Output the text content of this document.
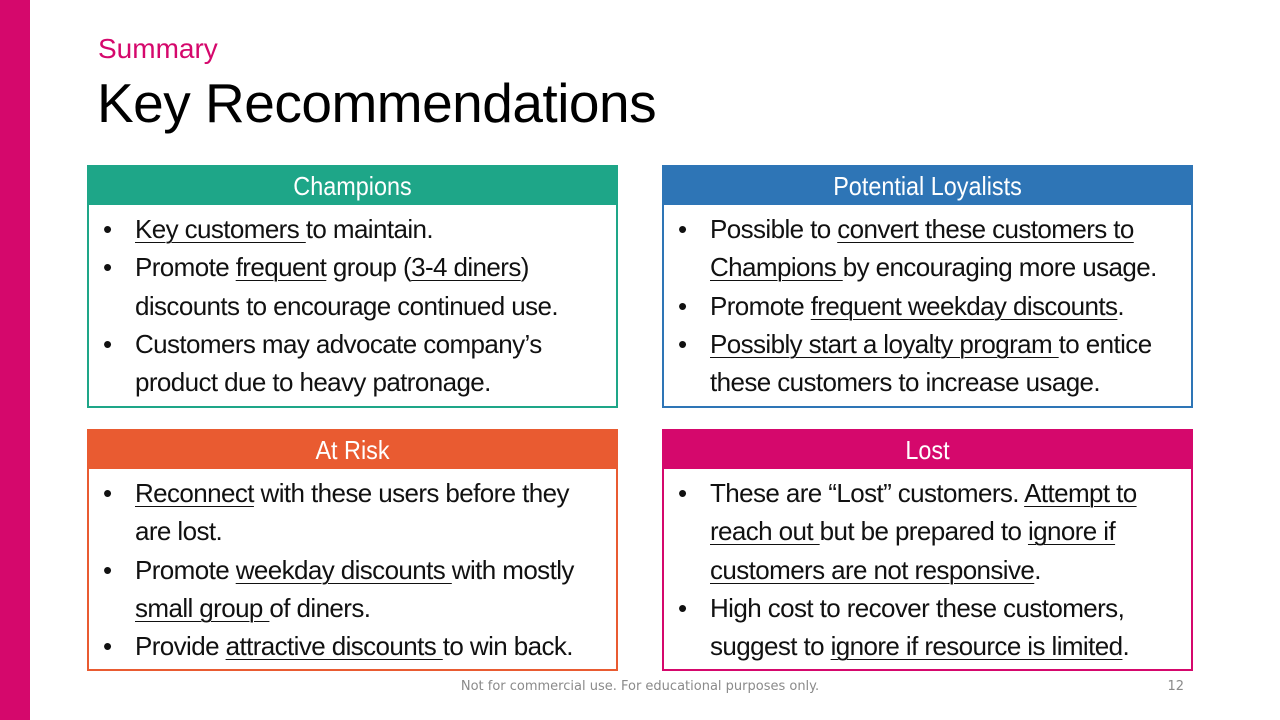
Summary
Key Recommendations
Champions
• Key customers to maintain.
• Promote frequent group (3-4 diners) discounts to encourage continued use.
• Customers may advocate company’s product due to heavy patronage.
Potential Loyalists
• Possible to convert these customers to Champions by encouraging more usage.
• Promote frequent weekday discounts.
• Possibly start a loyalty program to entice these customers to increase usage.
At Risk
• Reconnect with these users before they are lost.
• Promote weekday discounts with mostly small group of diners.
• Provide attractive discounts to win back.
Lost
• These are “Lost” customers. Attempt to reach out but be prepared to ignore if customers are not responsive.
• High cost to recover these customers, suggest to ignore if resource is limited.
Not for commercial use. For educational purposes only.	12
